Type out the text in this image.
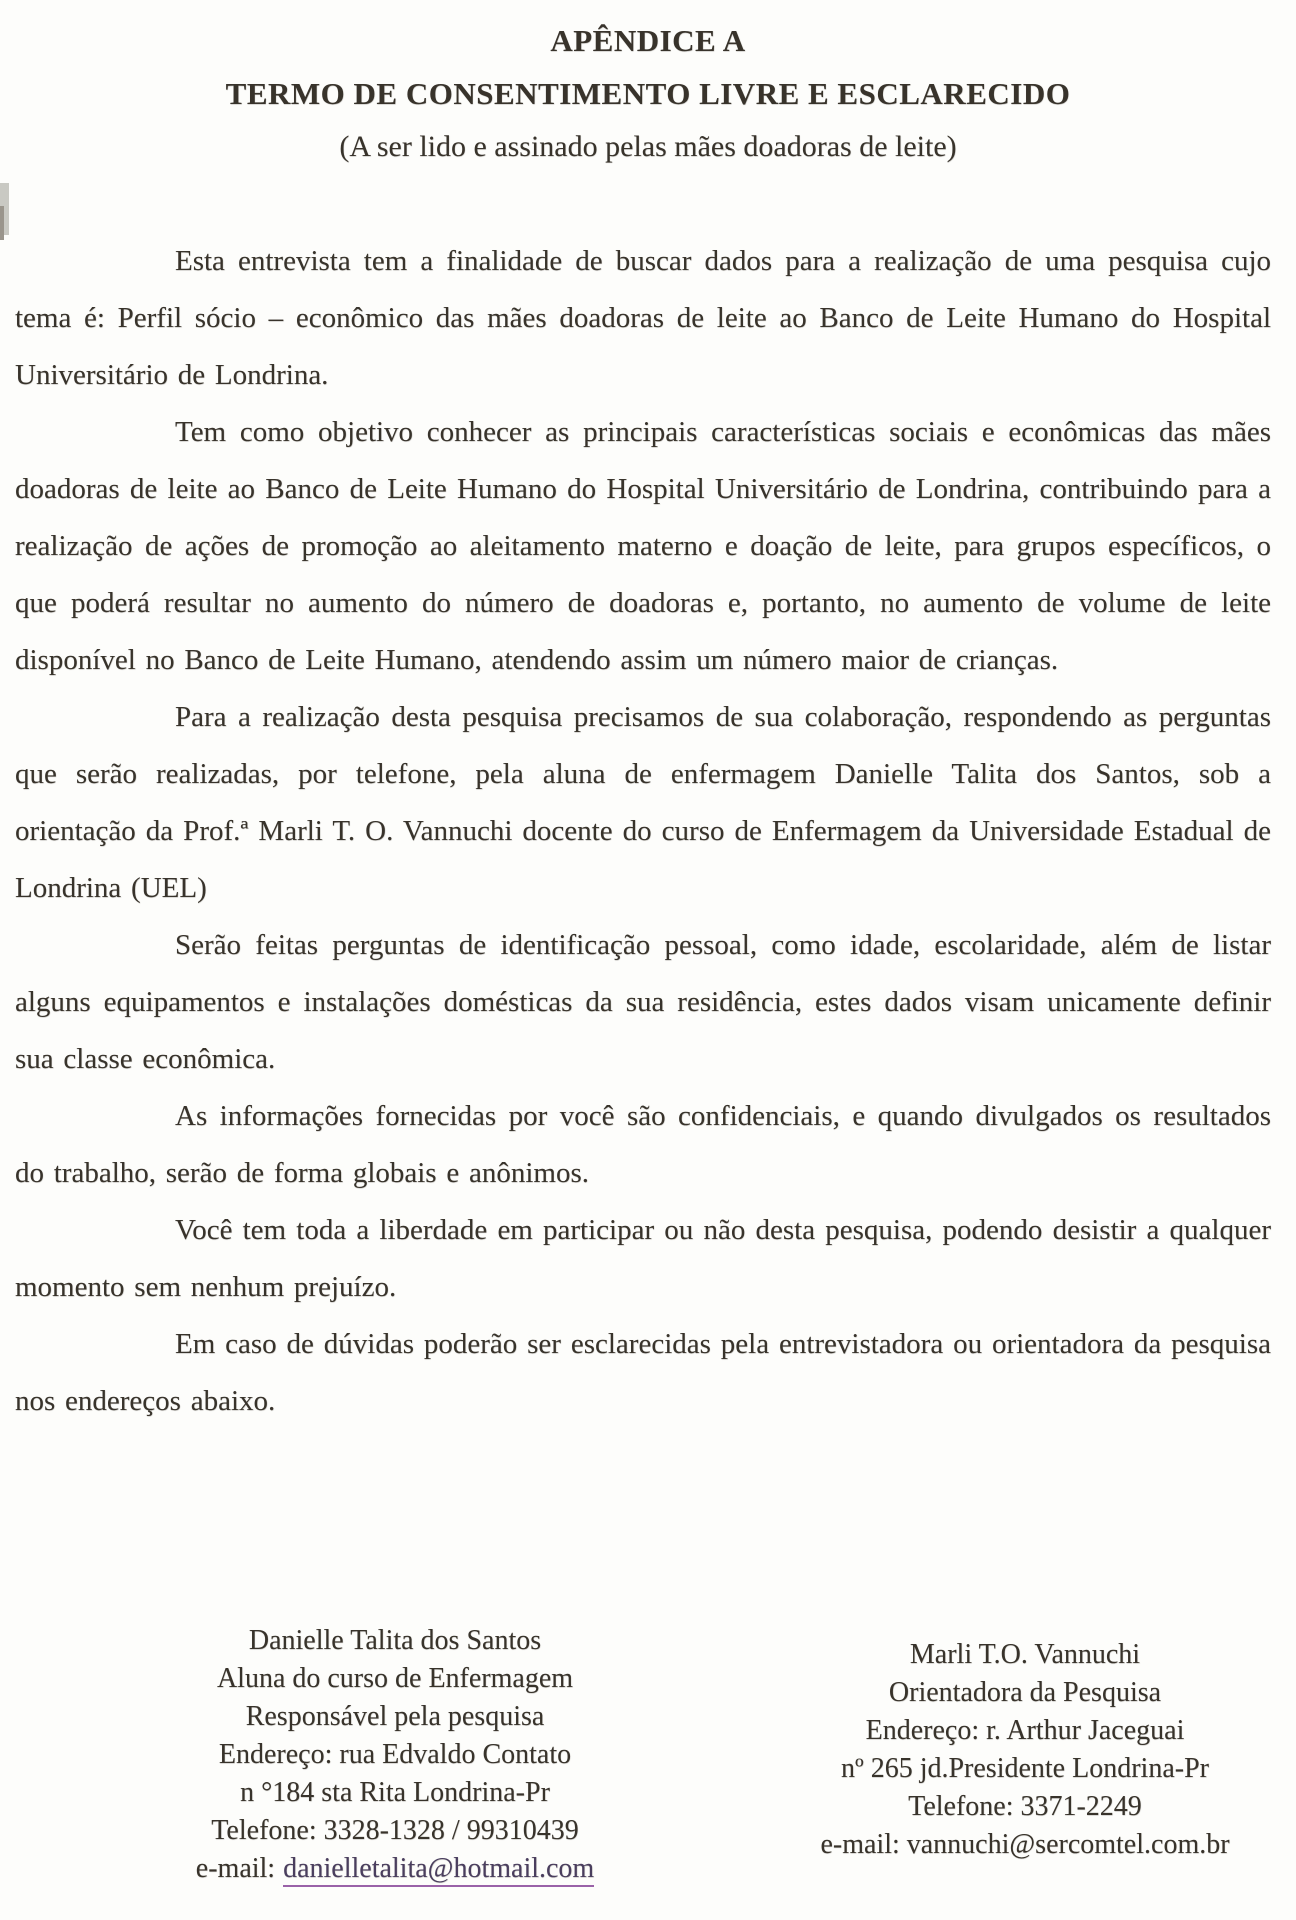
APÊNDICE A
TERMO DE CONSENTIMENTO LIVRE E ESCLARECIDO
(A ser lido e assinado pelas mães doadoras de leite)

Esta entrevista tem a finalidade de buscar dados para a realização de uma pesquisa cujo tema é: Perfil sócio – econômico das mães doadoras de leite ao Banco de Leite Humano do Hospital Universitário de Londrina.

Tem como objetivo conhecer as principais características sociais e econômicas das mães doadoras de leite ao Banco de Leite Humano do Hospital Universitário de Londrina, contribuindo para a realização de ações de promoção ao aleitamento materno e doação de leite, para grupos específicos, o que poderá resultar no aumento do número de doadoras e, portanto, no aumento de volume de leite disponível no Banco de Leite Humano, atendendo assim um número maior de crianças.

Para a realização desta pesquisa precisamos de sua colaboração, respondendo as perguntas que serão realizadas, por telefone, pela aluna de enfermagem Danielle Talita dos Santos, sob a orientação da Prof.ª Marli T. O. Vannuchi docente do curso de Enfermagem da Universidade Estadual de Londrina (UEL)

Serão feitas perguntas de identificação pessoal, como idade, escolaridade, além de listar alguns equipamentos e instalações domésticas da sua residência, estes dados visam unicamente definir sua classe econômica.

As informações fornecidas por você são confidenciais, e quando divulgados os resultados do trabalho, serão de forma globais e anônimos.

Você tem toda a liberdade em participar ou não desta pesquisa, podendo desistir a qualquer momento sem nenhum prejuízo.

Em caso de dúvidas poderão ser esclarecidas pela entrevistadora ou orientadora da pesquisa nos endereços abaixo.

Danielle Talita dos Santos
Aluna do curso de Enfermagem
Responsável pela pesquisa
Endereço: rua Edvaldo Contato
n °184 sta Rita Londrina-Pr
Telefone: 3328-1328 / 99310439
e-mail: danielletalita@hotmail.com
Marli T.O. Vannuchi
Orientadora da Pesquisa
Endereço: r. Arthur Jaceguai
nº 265 jd.Presidente Londrina-Pr
Telefone: 3371-2249
e-mail: vannuchi@sercomtel.com.br
